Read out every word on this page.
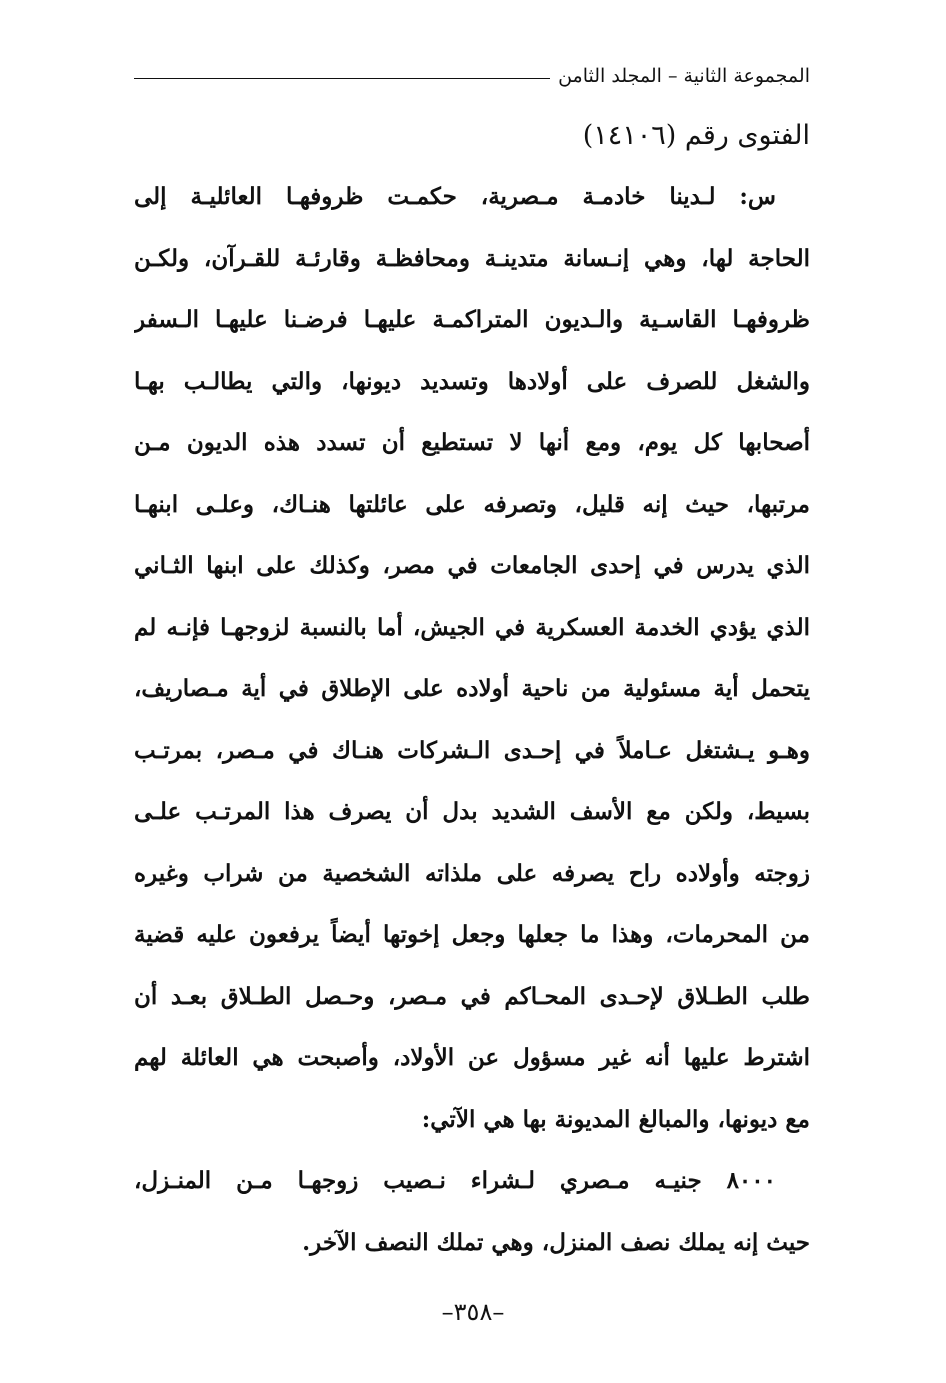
المجموعة الثانية – المجلد الثامن
الفتوى رقم (١٤١٠٦)
س: لـدينا خادمـة مـصرية، حكمـت ظروفهـا العائليـة إلى
الحاجة لها، وهي إنـسانة متدينـة ومحافظـة وقارئـة للقـرآن، ولكـن
ظروفهـا القاسـية والـديون المتراكمـة عليهـا فرضـنا عليهـا الـسفر
والشغل للصرف على أولادها وتسديد ديونها، والتي يطالـب بهـا
أصحابها كل يوم، ومع أنها لا تستطيع أن تسدد هذه الديون مـن
مرتبها، حيث إنه قليل، وتصرفه على عائلتها هنـاك، وعلـى ابنهـا
الذي يدرس في إحدى الجامعات في مصر، وكذلك على ابنها الثـاني
الذي يؤدي الخدمة العسكرية في الجيش، أما بالنسبة لزوجهـا فإنـه لم
يتحمل أية مسئولية من ناحية أولاده على الإطلاق في أية مـصاريف،
وهـو يـشتغل عـاملاً في إحـدى الـشركات هنـاك في مـصر، بمرتـب
بسيط، ولكن مع الأسف الشديد بدل أن يصرف هذا المرتـب علـى
زوجته وأولاده راح يصرفه على ملذاته الشخصية من شراب وغيره
من المحرمات، وهذا ما جعلها وجعل إخوتها أيضاً يرفعون عليه قضية
طلب الطـلاق لإحـدى المحـاكم في مـصر، وحـصل الطـلاق بعـد أن
اشترط عليها أنه غير مسؤول عن الأولاد، وأصبحت هي العائلة لهم
مع ديونها، والمبالغ المديونة بها هي الآتي:
٨٠٠٠ جنيـه مـصري لـشراء نـصيب زوجهـا مـن المنـزل،
حيث إنه يملك نصف المنزل، وهي تملك النصف الآخر.
–٣٥٨–
